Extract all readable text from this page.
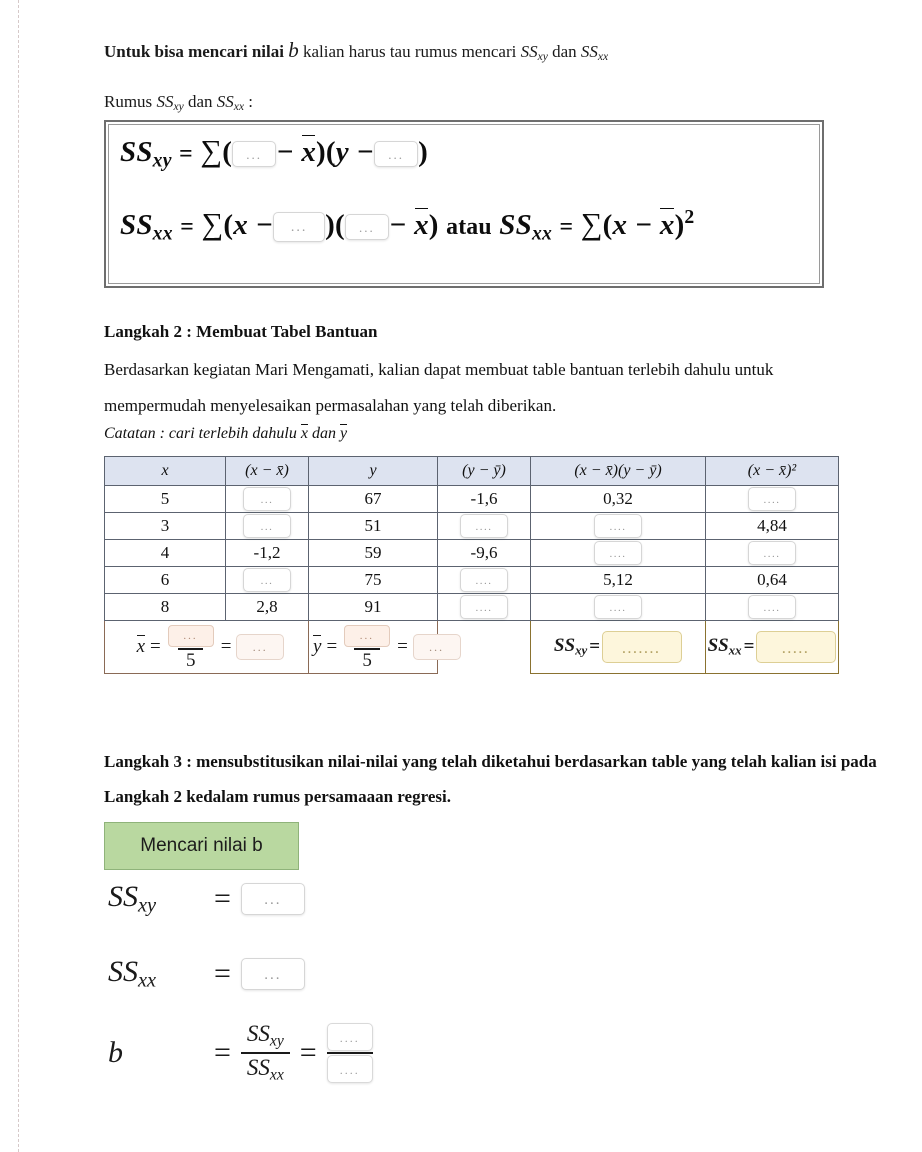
Untuk bisa mencari nilai b kalian harus tau rumus mencari $SS_{xy}$ dan $SS_{xx}$
Rumus $SS_{xy}$ dan $SS_{xx}$ :
$SS_{xy}$ = ∑( ... − x)(y − ... )
$SS_{xx} = \sum(x$ − ... )( ... − x) atau $SS_{xx} = \sum(x - x)^2$
Langkah 2 : Membuat Tabel Bantuan
Berdasarkan kegiatan Mari Mengamati, kalian dapat membuat table bantuan terlebih dahulu untuk mempermudah menyelesaikan permasalahan yang telah diberikan.
Catatan : cari terlebih dahulu x dan y
x	(x − x̄)	y	(y − ȳ)	(x − x̄)(y − ȳ)	(x − x̄)²
5	...	67	-1,6	0,32	....
3	...	51	....	....	4,84
4	-1,2	59	-9,6	....	....
6	...	75	....	5,12	0,64
8	2,8	91	....	....	....

$x = \frac{...}{5}$ =	...	$y = \frac{...}{5}$ =	...		$SS_{xy}$ =	.......	$SS_{xx}$ =	.....
Langkah 3 : mensubstitusikan nilai-nilai yang telah diketahui berdasarkan table yang telah kalian isi pada Langkah 2 kedalam rumus persamaaan regresi.
Mencari nilai b
$SS_{xy}$	=	...
$SS_{xx}$	=	...
b	=
$SS_{xy}$
$SS_{xx}$
=	....
....
